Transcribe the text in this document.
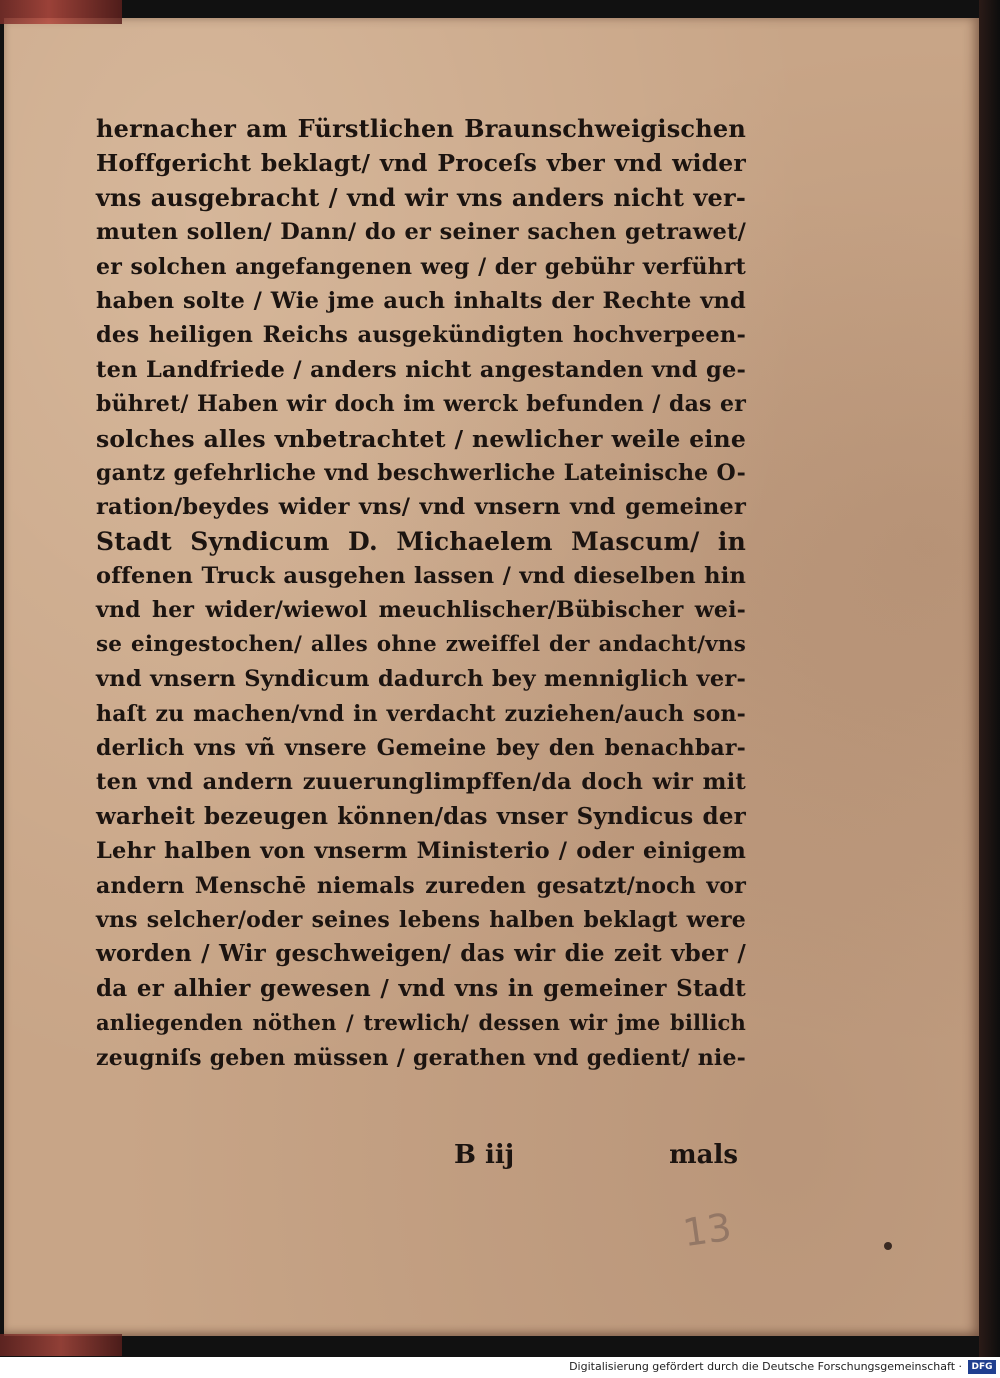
hernacher am Fürstlichen Braunschweigischen
Hoffgericht beklagt/ vnd Proceſs vber vnd wider
vns ausgebracht / vnd wir vns anders nicht ver-
muten sollen/ Dann/ do er seiner sachen getrawet/
er solchen angefangenen weg / der gebühr verführt
haben solte / Wie jme auch inhalts der Rechte vnd
des heiligen Reichs ausgekündigten hochverpeen-
ten Landfriede / anders nicht angestanden vnd ge-
bühret/ Haben wir doch im werck befunden / das er
solches alles vnbetrachtet / newlicher weile eine
gantz gefehrliche vnd beschwerliche Lateinische O-
ration/beydes wider vns/ vnd vnsern vnd gemeiner
Stadt Syndicum D. Michaelem Mascum/ in
offenen Truck ausgehen lassen / vnd dieselben hin
vnd her wider/wiewol meuchlischer/Bübischer wei-
se eingestochen/ alles ohne zweiffel der andacht/vns
vnd vnsern Syndicum dadurch bey menniglich ver-
haſt zu machen/vnd in verdacht zuziehen/auch son-
derlich vns vñ vnsere Gemeine bey den benachbar-
ten vnd andern zuuerunglimpffen/da doch wir mit
warheit bezeugen können/das vnser Syndicus der
Lehr halben von vnserm Ministerio / oder einigem
andern Menschē niemals zureden gesatzt/noch vor
vns selcher/oder seines lebens halben beklagt were
worden / Wir geschweigen/ das wir die zeit vber /
da er alhier gewesen / vnd vns in gemeiner Stadt
anliegenden nöthen / trewlich/ dessen wir jme billich
zeugniſs geben müssen / gerathen vnd gedient/ nie-
B iij	mals
13
Digitalisierung gefördert durch die Deutsche Forschungsgemeinschaft ·	DFG
